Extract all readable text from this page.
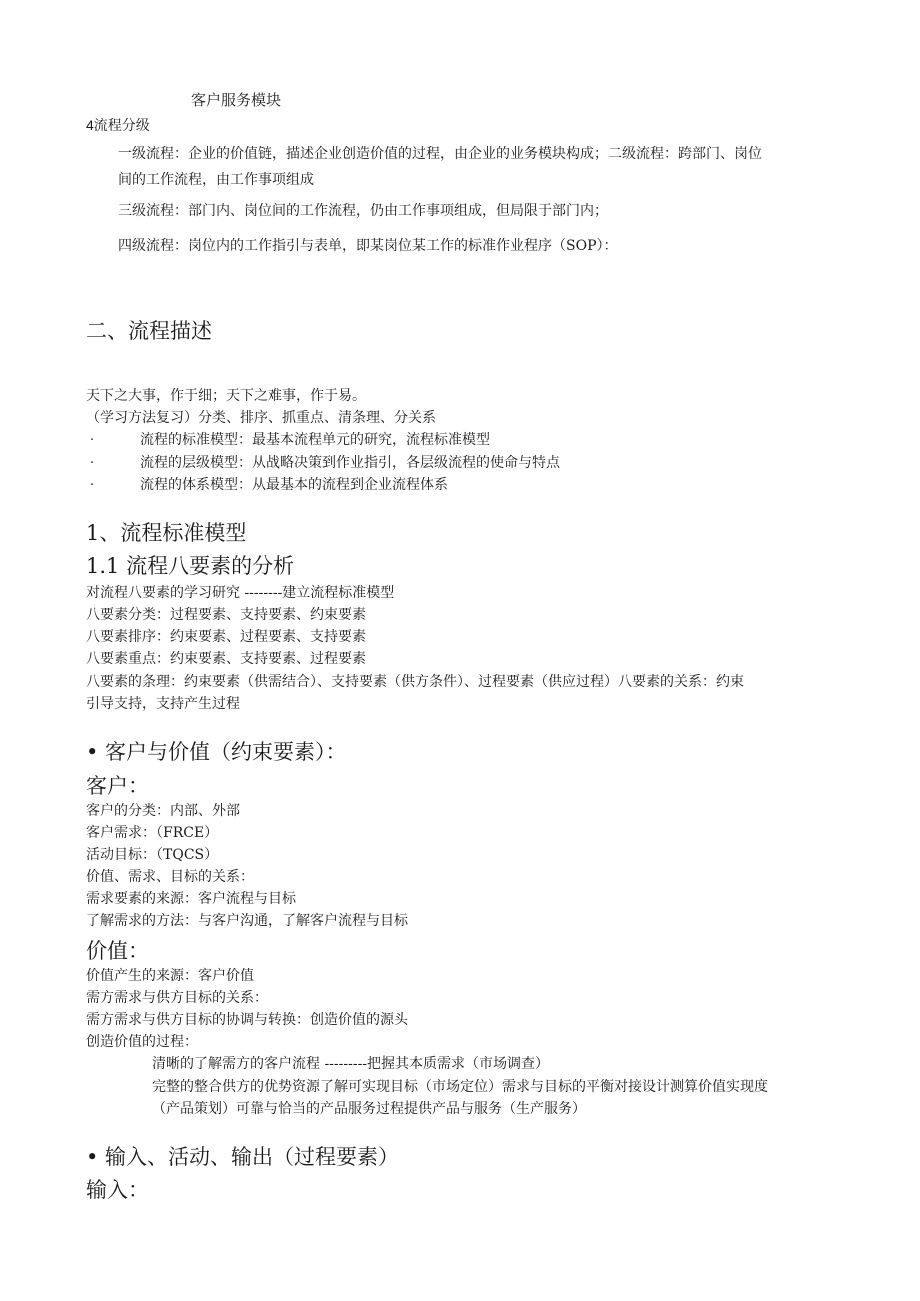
客户服务模块
4流程分级
一级流程：企业的价值链，描述企业创造价值的过程，由企业的业务模块构成；二级流程：跨部门、岗位
间的工作流程，由工作事项组成
三级流程：部门内、岗位间的工作流程，仍由工作事项组成，但局限于部门内；
四级流程：岗位内的工作指引与表单，即某岗位某工作的标准作业程序（SOP）：
二、流程描述
天下之大事，作于细；天下之难事，作于易。
（学习方法复习）分类、排序、抓重点、清条理、分关系
·	流程的标准模型：最基本流程单元的研究，流程标准模型
·	流程的层级模型：从战略决策到作业指引，各层级流程的使命与特点
·	流程的体系模型：从最基本的流程到企业流程体系
1、流程标准模型
1.1 流程八要素的分析
对流程八要素的学习研究 --------建立流程标准模型
八要素分类：过程要素、支持要素、约束要素
八要素排序：约束要素、过程要素、支持要素
八要素重点：约束要素、支持要素、过程要素
八要素的条理：约束要素（供需结合）、支持要素（供方条件）、过程要素（供应过程）八要素的关系：约束
引导支持，支持产生过程
• 客户与价值（约束要素）：
客户：
客户的分类：内部、外部
客户需求：（FRCE）
活动目标：（TQCS）
价值、需求、目标的关系：
需求要素的来源：客户流程与目标
了解需求的方法：与客户沟通，了解客户流程与目标
价值：
价值产生的来源：客户价值
需方需求与供方目标的关系：
需方需求与供方目标的协调与转换：创造价值的源头
创造价值的过程：
清晰的了解需方的客户流程 ---------把握其本质需求（市场调查）
完整的整合供方的优势资源了解可实现目标（市场定位）需求与目标的平衡对接设计测算价值实现度
（产品策划）可靠与恰当的产品服务过程提供产品与服务（生产服务）
• 输入、活动、输出（过程要素）
输入：
